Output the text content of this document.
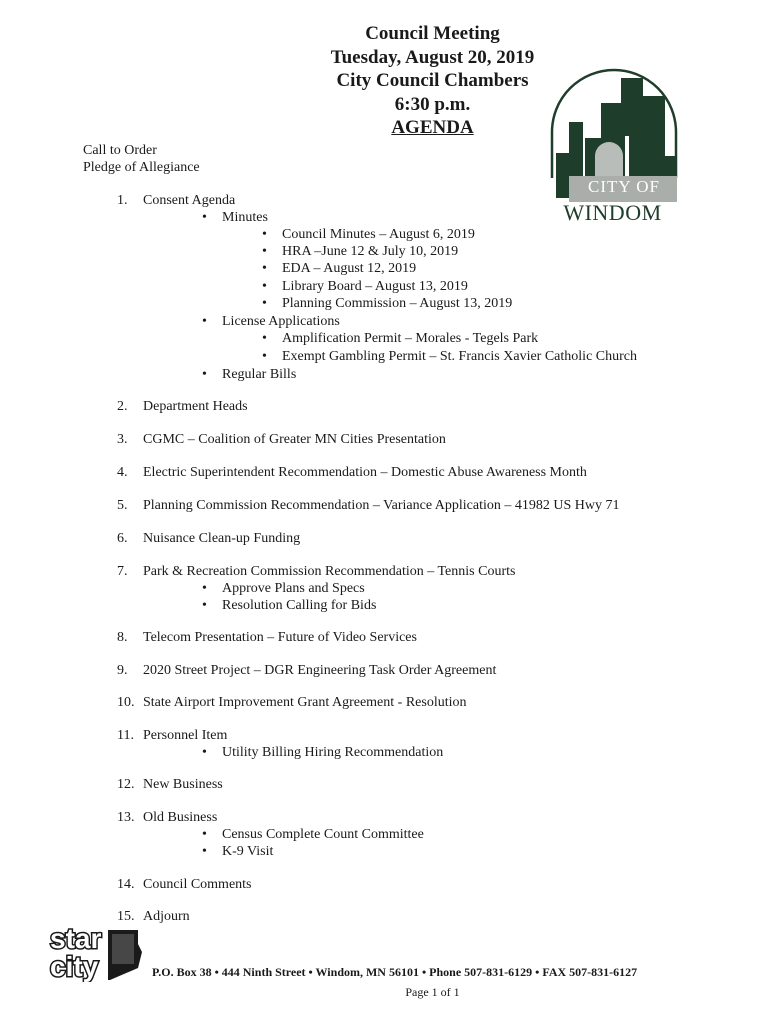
Council Meeting
Tuesday, August 20, 2019
City Council Chambers
6:30 p.m.
AGENDA
CITY OF
WINDOM
Call to Order
Pledge of Allegiance
1. Consent Agenda
• Minutes
• Council Minutes – August 6, 2019
• HRA –June 12 & July 10, 2019
• EDA – August 12, 2019
• Library Board – August 13, 2019
• Planning Commission – August 13, 2019
• License Applications
• Amplification Permit – Morales - Tegels Park
• Exempt Gambling Permit – St. Francis Xavier Catholic Church
• Regular Bills
2. Department Heads
3. CGMC – Coalition of Greater MN Cities Presentation
4. Electric Superintendent Recommendation – Domestic Abuse Awareness Month
5. Planning Commission Recommendation – Variance Application – 41982 US Hwy 71
6. Nuisance Clean-up Funding
7. Park & Recreation Commission Recommendation – Tennis Courts
• Approve Plans and Specs
• Resolution Calling for Bids
8. Telecom Presentation – Future of Video Services
9. 2020 Street Project – DGR Engineering Task Order Agreement
10. State Airport Improvement Grant Agreement - Resolution
11. Personnel Item
• Utility Billing Hiring Recommendation
12. New Business
13. Old Business
• Census Complete Count Committee
• K-9 Visit
14. Council Comments
15. Adjourn
star
city	P.O. Box 38 • 444 Ninth Street • Windom, MN 56101 • Phone 507-831-6129 • FAX 507-831-6127
Page 1 of 1
